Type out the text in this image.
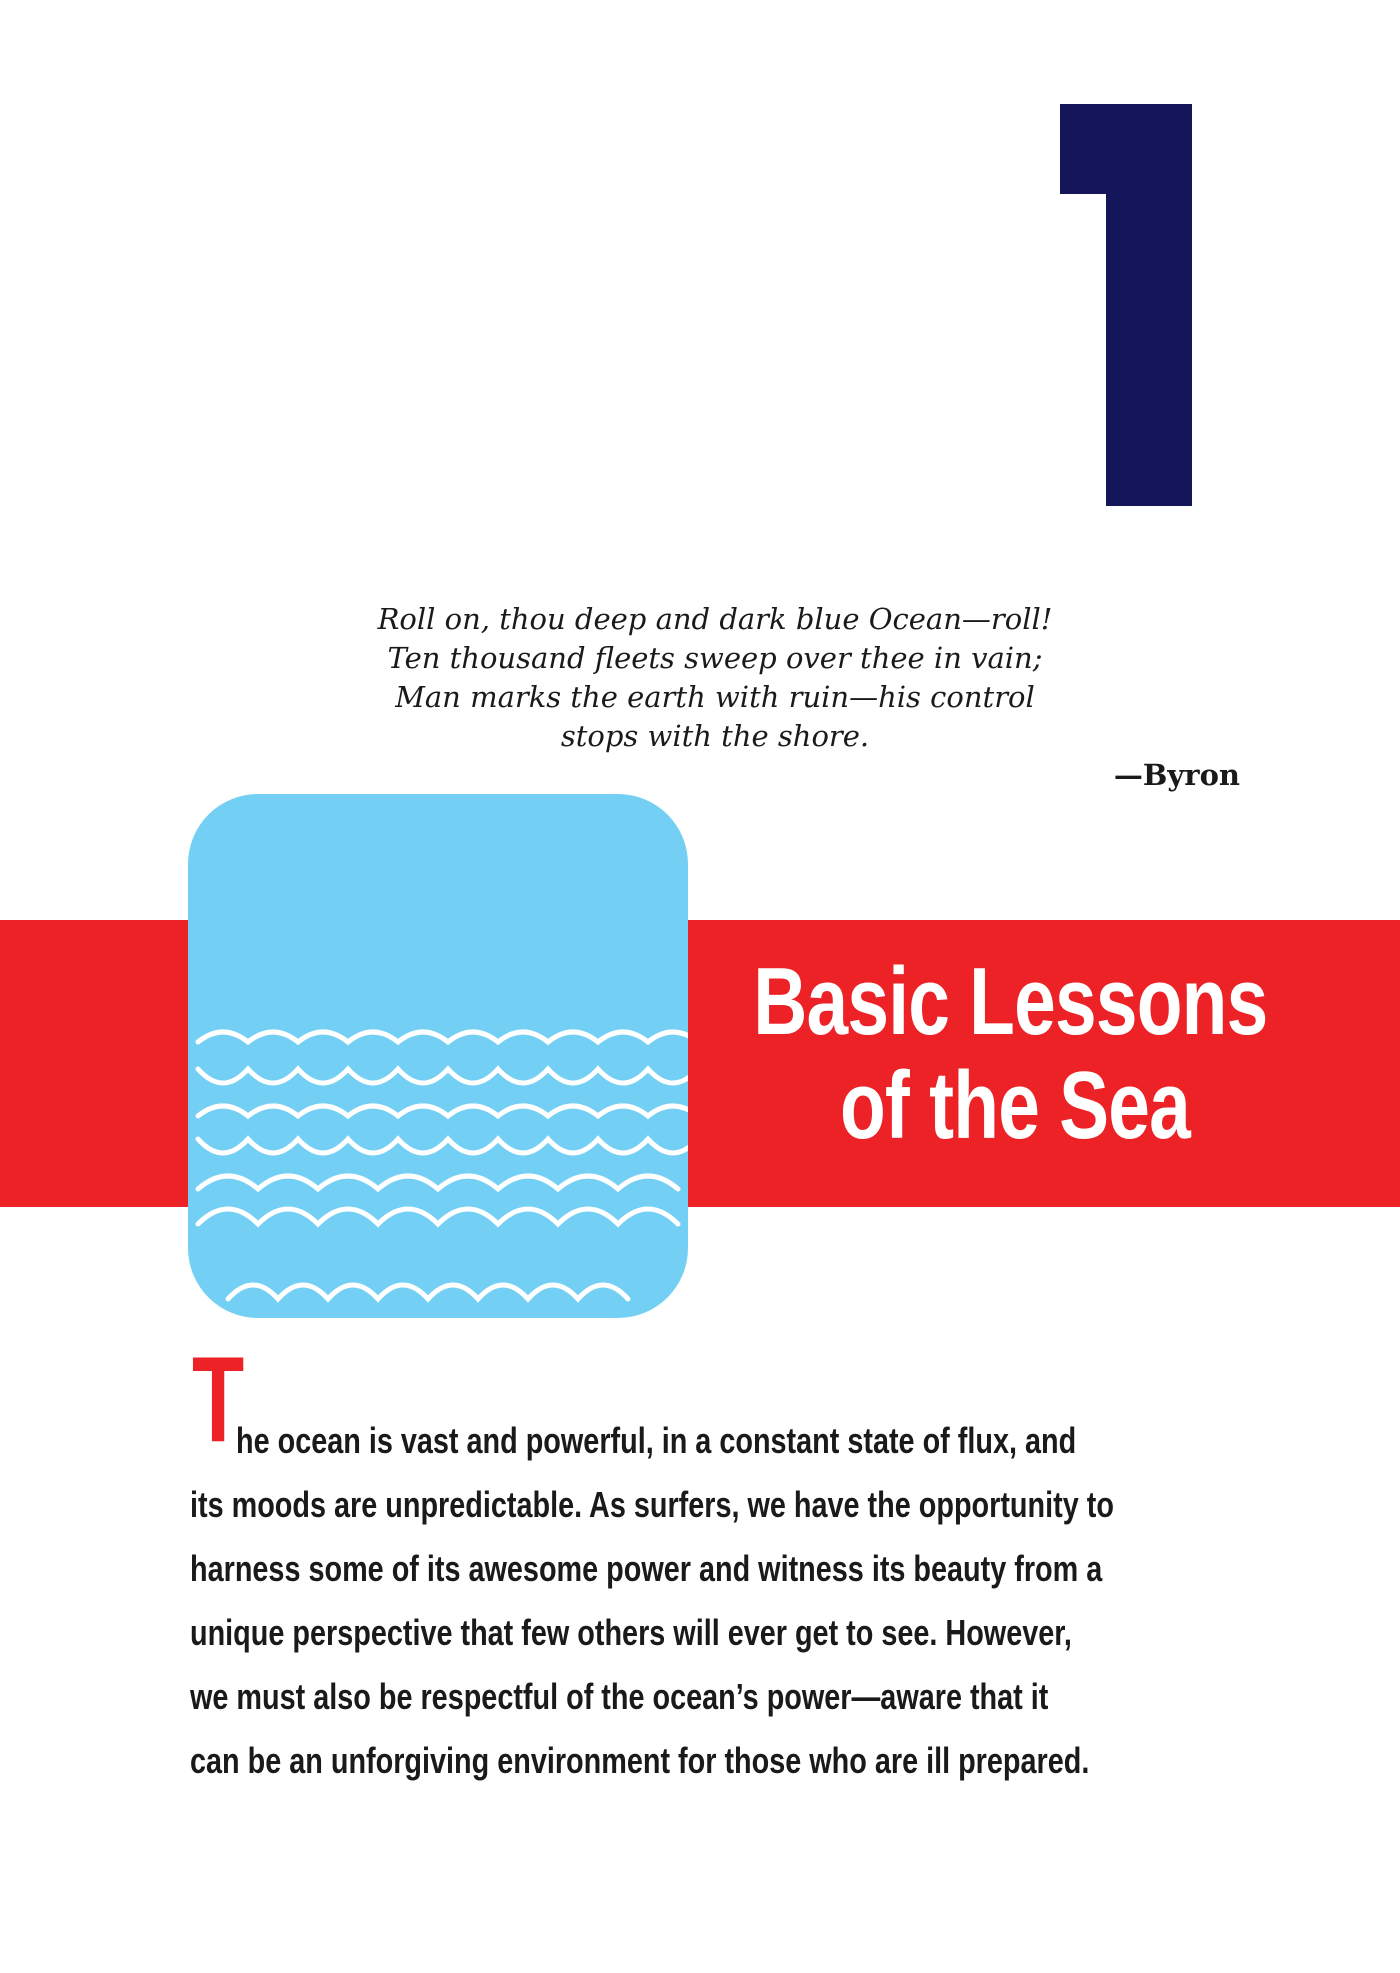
Roll on, thou deep and dark blue Ocean—roll!
Ten thousand fleets sweep over thee in vain;
Man marks the earth with ruin—his control
stops with the shore.
—Byron
Basic Lessons
of the Sea
T
he ocean is vast and powerful, in a constant state of flux, and
its moods are unpredictable. As surfers, we have the opportunity to
harness some of its awesome power and witness its beauty from a
unique perspective that few others will ever get to see. However,
we must also be respectful of the ocean’s power—aware that it
can be an unforgiving environment for those who are ill prepared.
